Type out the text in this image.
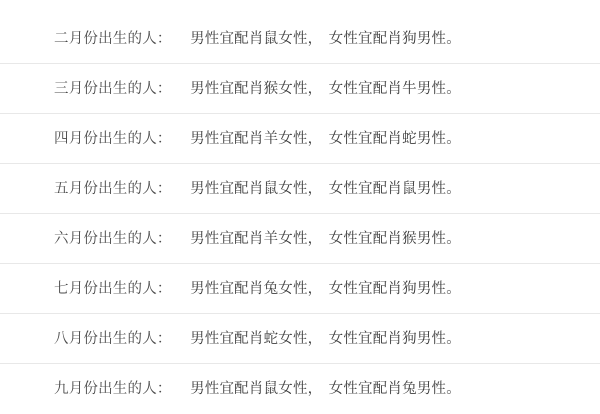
二月份出生的人： 男性宜配肖鼠女性， 女性宜配肖狗男性。
三月份出生的人： 男性宜配肖猴女性， 女性宜配肖牛男性。
四月份出生的人： 男性宜配肖羊女性， 女性宜配肖蛇男性。
五月份出生的人： 男性宜配肖鼠女性， 女性宜配肖鼠男性。
六月份出生的人： 男性宜配肖羊女性， 女性宜配肖猴男性。
七月份出生的人： 男性宜配肖兔女性， 女性宜配肖狗男性。
八月份出生的人： 男性宜配肖蛇女性， 女性宜配肖狗男性。
九月份出生的人： 男性宜配肖鼠女性， 女性宜配肖兔男性。
